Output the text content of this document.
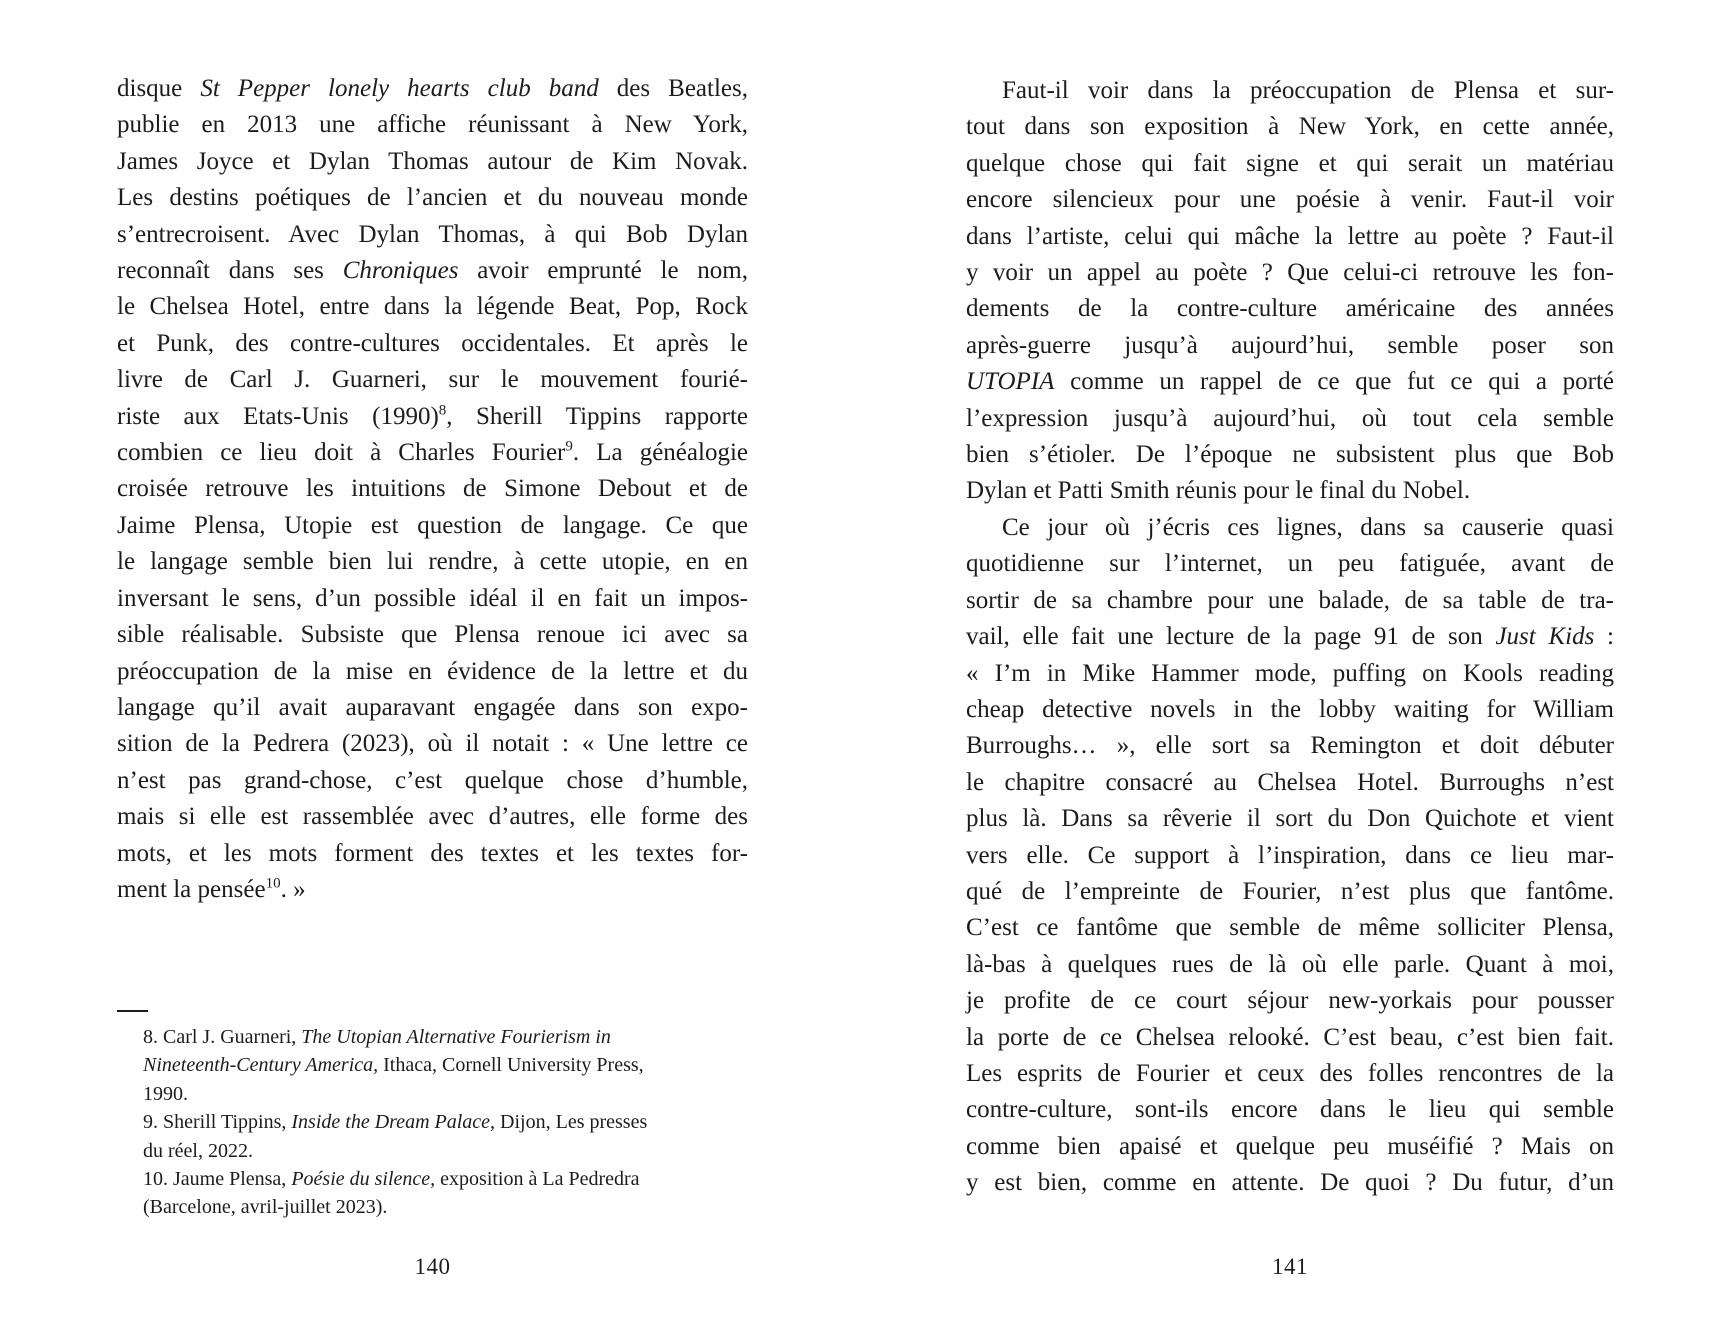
disque St Pepper lonely hearts club band des Beatles,
publie en 2013 une affiche réunissant à New York,
James Joyce et Dylan Thomas autour de Kim Novak.
Les destins poétiques de l’ancien et du nouveau monde
s’entrecroisent. Avec Dylan Thomas, à qui Bob Dylan
reconnaît dans ses Chroniques avoir emprunté le nom,
le Chelsea Hotel, entre dans la légende Beat, Pop, Rock
et Punk, des contre-cultures occidentales. Et après le
livre de Carl J. Guarneri, sur le mouvement fourié-
riste aux Etats-Unis $(1990)^8$, Sherill Tippins rapporte
combien ce lieu doit à Charles Fourier$^9$. La généalogie
croisée retrouve les intuitions de Simone Debout et de
Jaime Plensa, Utopie est question de langage. Ce que
le langage semble bien lui rendre, à cette utopie, en en
inversant le sens, d’un possible idéal il en fait un impos-
sible réalisable. Subsiste que Plensa renoue ici avec sa
préoccupation de la mise en évidence de la lettre et du
langage qu’il avait auparavant engagée dans son expo-
sition de la Pedrera (2023), où il notait : « Une lettre ce
n’est pas grand-chose, c’est quelque chose d’humble,
mais si elle est rassemblée avec d’autres, elle forme des
mots, et les mots forment des textes et les textes for-
ment la pensée$^{10}$. »
8. Carl J. Guarneri, The Utopian Alternative Fourierism in
Nineteenth-Century America, Ithaca, Cornell University Press,
1990.
9. Sherill Tippins, Inside the Dream Palace, Dijon, Les presses
du réel, 2022.
10. Jaume Plensa, Poésie du silence, exposition à La Pedredra
(Barcelone, avril-juillet 2023).
140
Faut-il voir dans la préoccupation de Plensa et sur-
tout dans son exposition à New York, en cette année,
quelque chose qui fait signe et qui serait un matériau
encore silencieux pour une poésie à venir. Faut-il voir
dans l’artiste, celui qui mâche la lettre au poète ? Faut-il
y voir un appel au poète ? Que celui-ci retrouve les fon-
dements de la contre-culture américaine des années
après-guerre jusqu’à aujourd’hui, semble poser son
UTOPIA comme un rappel de ce que fut ce qui a porté
l’expression jusqu’à aujourd’hui, où tout cela semble
bien s’étioler. De l’époque ne subsistent plus que Bob
Dylan et Patti Smith réunis pour le final du Nobel.
Ce jour où j’écris ces lignes, dans sa causerie quasi
quotidienne sur l’internet, un peu fatiguée, avant de
sortir de sa chambre pour une balade, de sa table de tra-
vail, elle fait une lecture de la page 91 de son Just Kids :
« I’m in Mike Hammer mode, puffing on Kools reading
cheap detective novels in the lobby waiting for William
Burroughs… », elle sort sa Remington et doit débuter
le chapitre consacré au Chelsea Hotel. Burroughs n’est
plus là. Dans sa rêverie il sort du Don Quichote et vient
vers elle. Ce support à l’inspiration, dans ce lieu mar-
qué de l’empreinte de Fourier, n’est plus que fantôme.
C’est ce fantôme que semble de même solliciter Plensa,
là-bas à quelques rues de là où elle parle. Quant à moi,
je profite de ce court séjour new-yorkais pour pousser
la porte de ce Chelsea relooké. C’est beau, c’est bien fait.
Les esprits de Fourier et ceux des folles rencontres de la
contre-culture, sont-ils encore dans le lieu qui semble
comme bien apaisé et quelque peu muséifié ? Mais on
y est bien, comme en attente. De quoi ? Du futur, d’un
141
